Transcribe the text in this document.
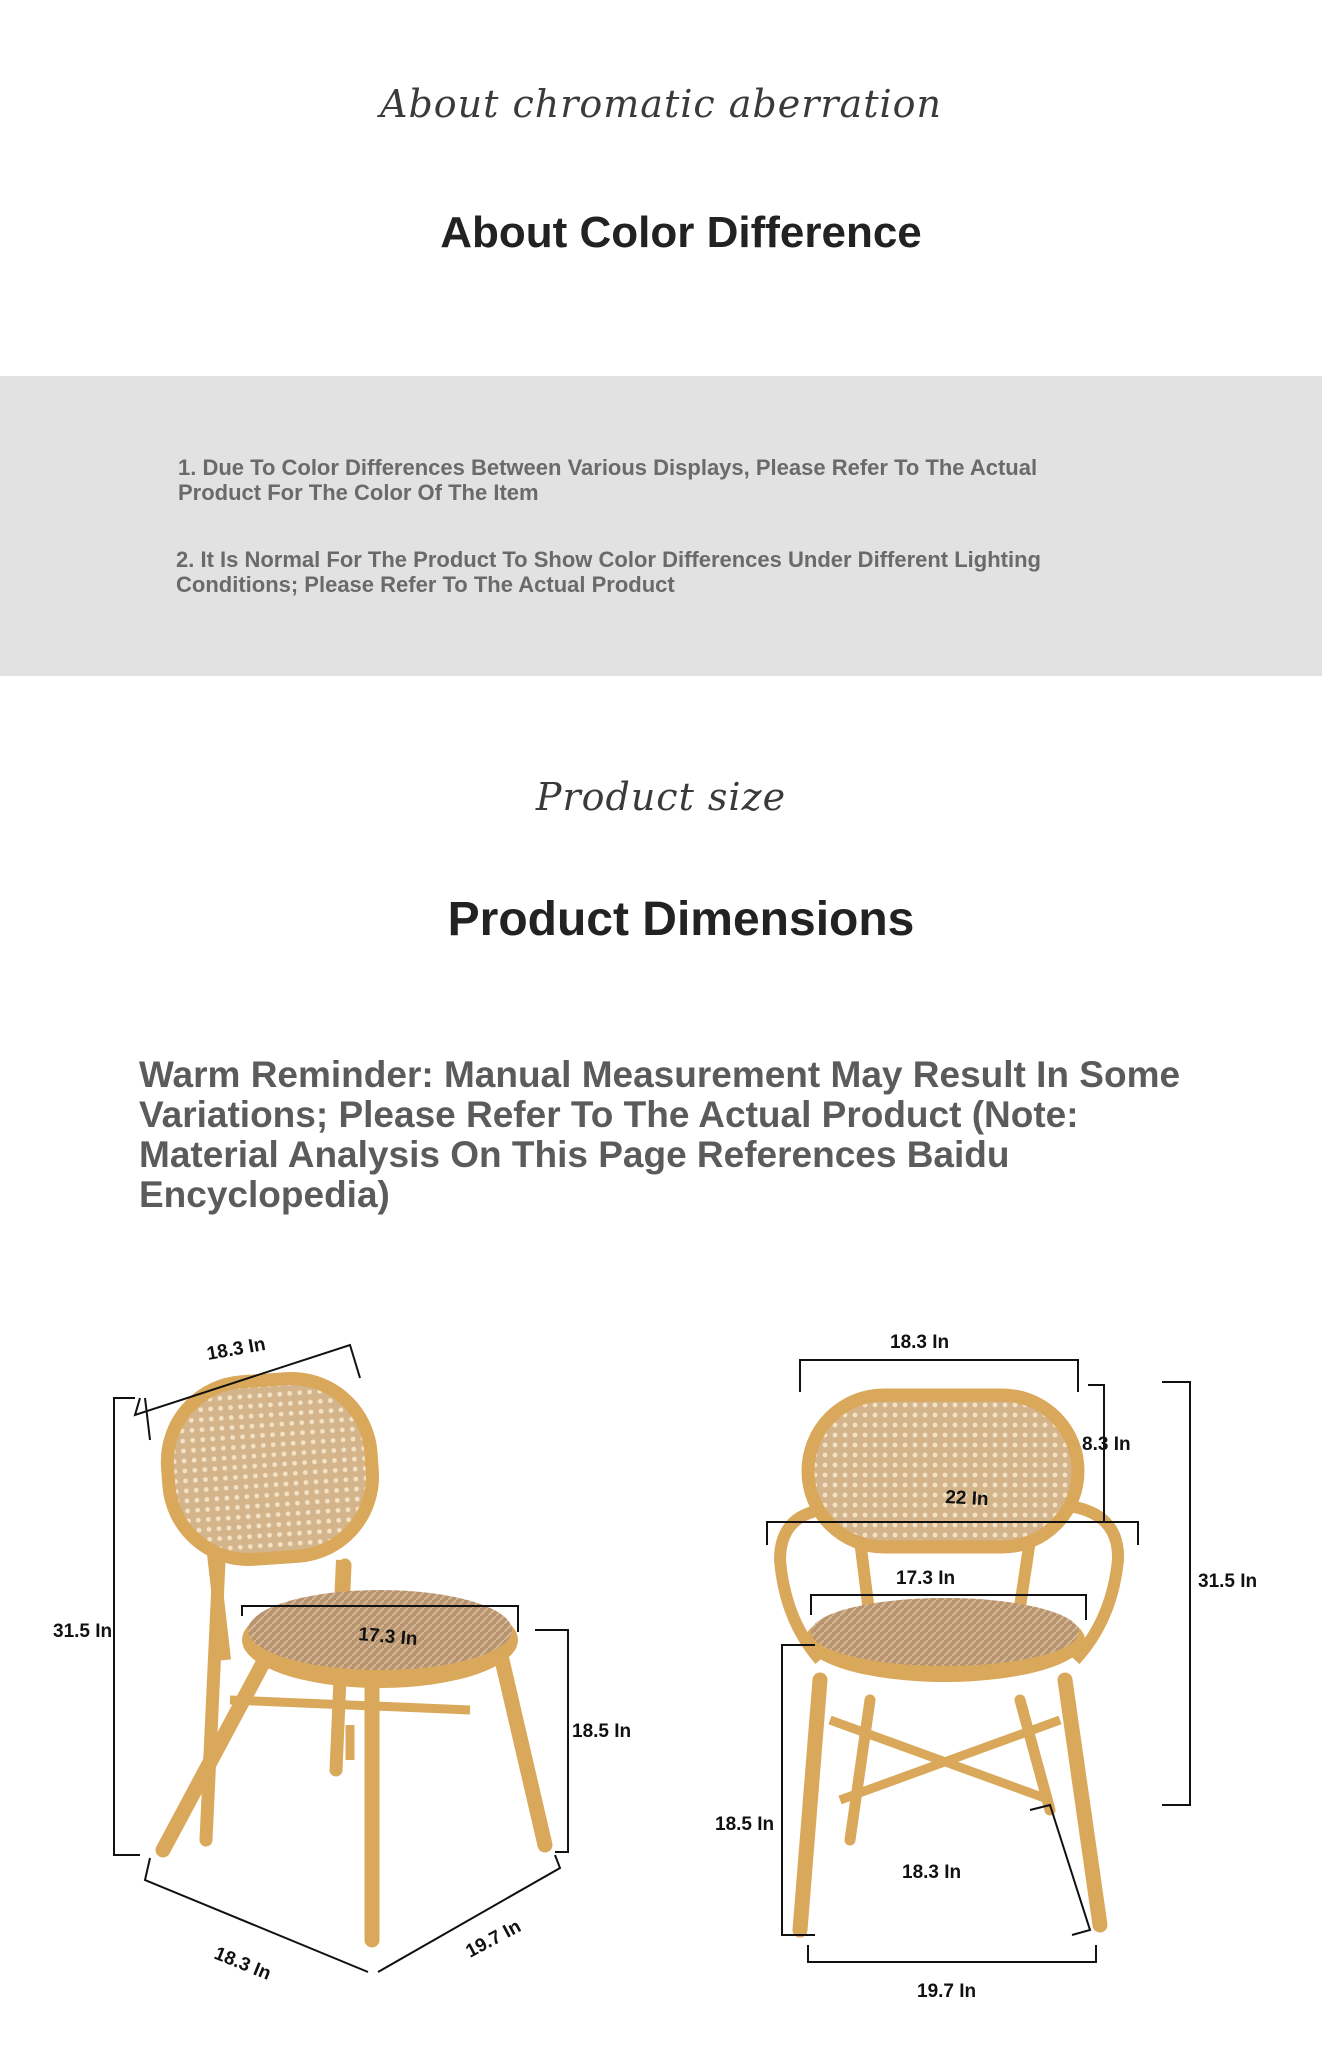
About chromatic aberration
About Color Difference
1. Due To Color Differences Between Various Displays, Please Refer To The Actual
Product For The Color Of The Item
2. It Is Normal For The Product To Show Color Differences Under Different Lighting
Conditions; Please Refer To The Actual Product
Product size
Product Dimensions
Warm Reminder: Manual Measurement May Result In Some
Variations; Please Refer To The Actual Product (Note:
Material Analysis On This Page References Baidu
Encyclopedia)
18.3 In
31.5 In	17.3 In
18.5 In
18.3 In
19.7 In
18.3 In
8.3 In
22 In
17.3 In	31.5 In
18.5 In
18.3 In
19.7 In
